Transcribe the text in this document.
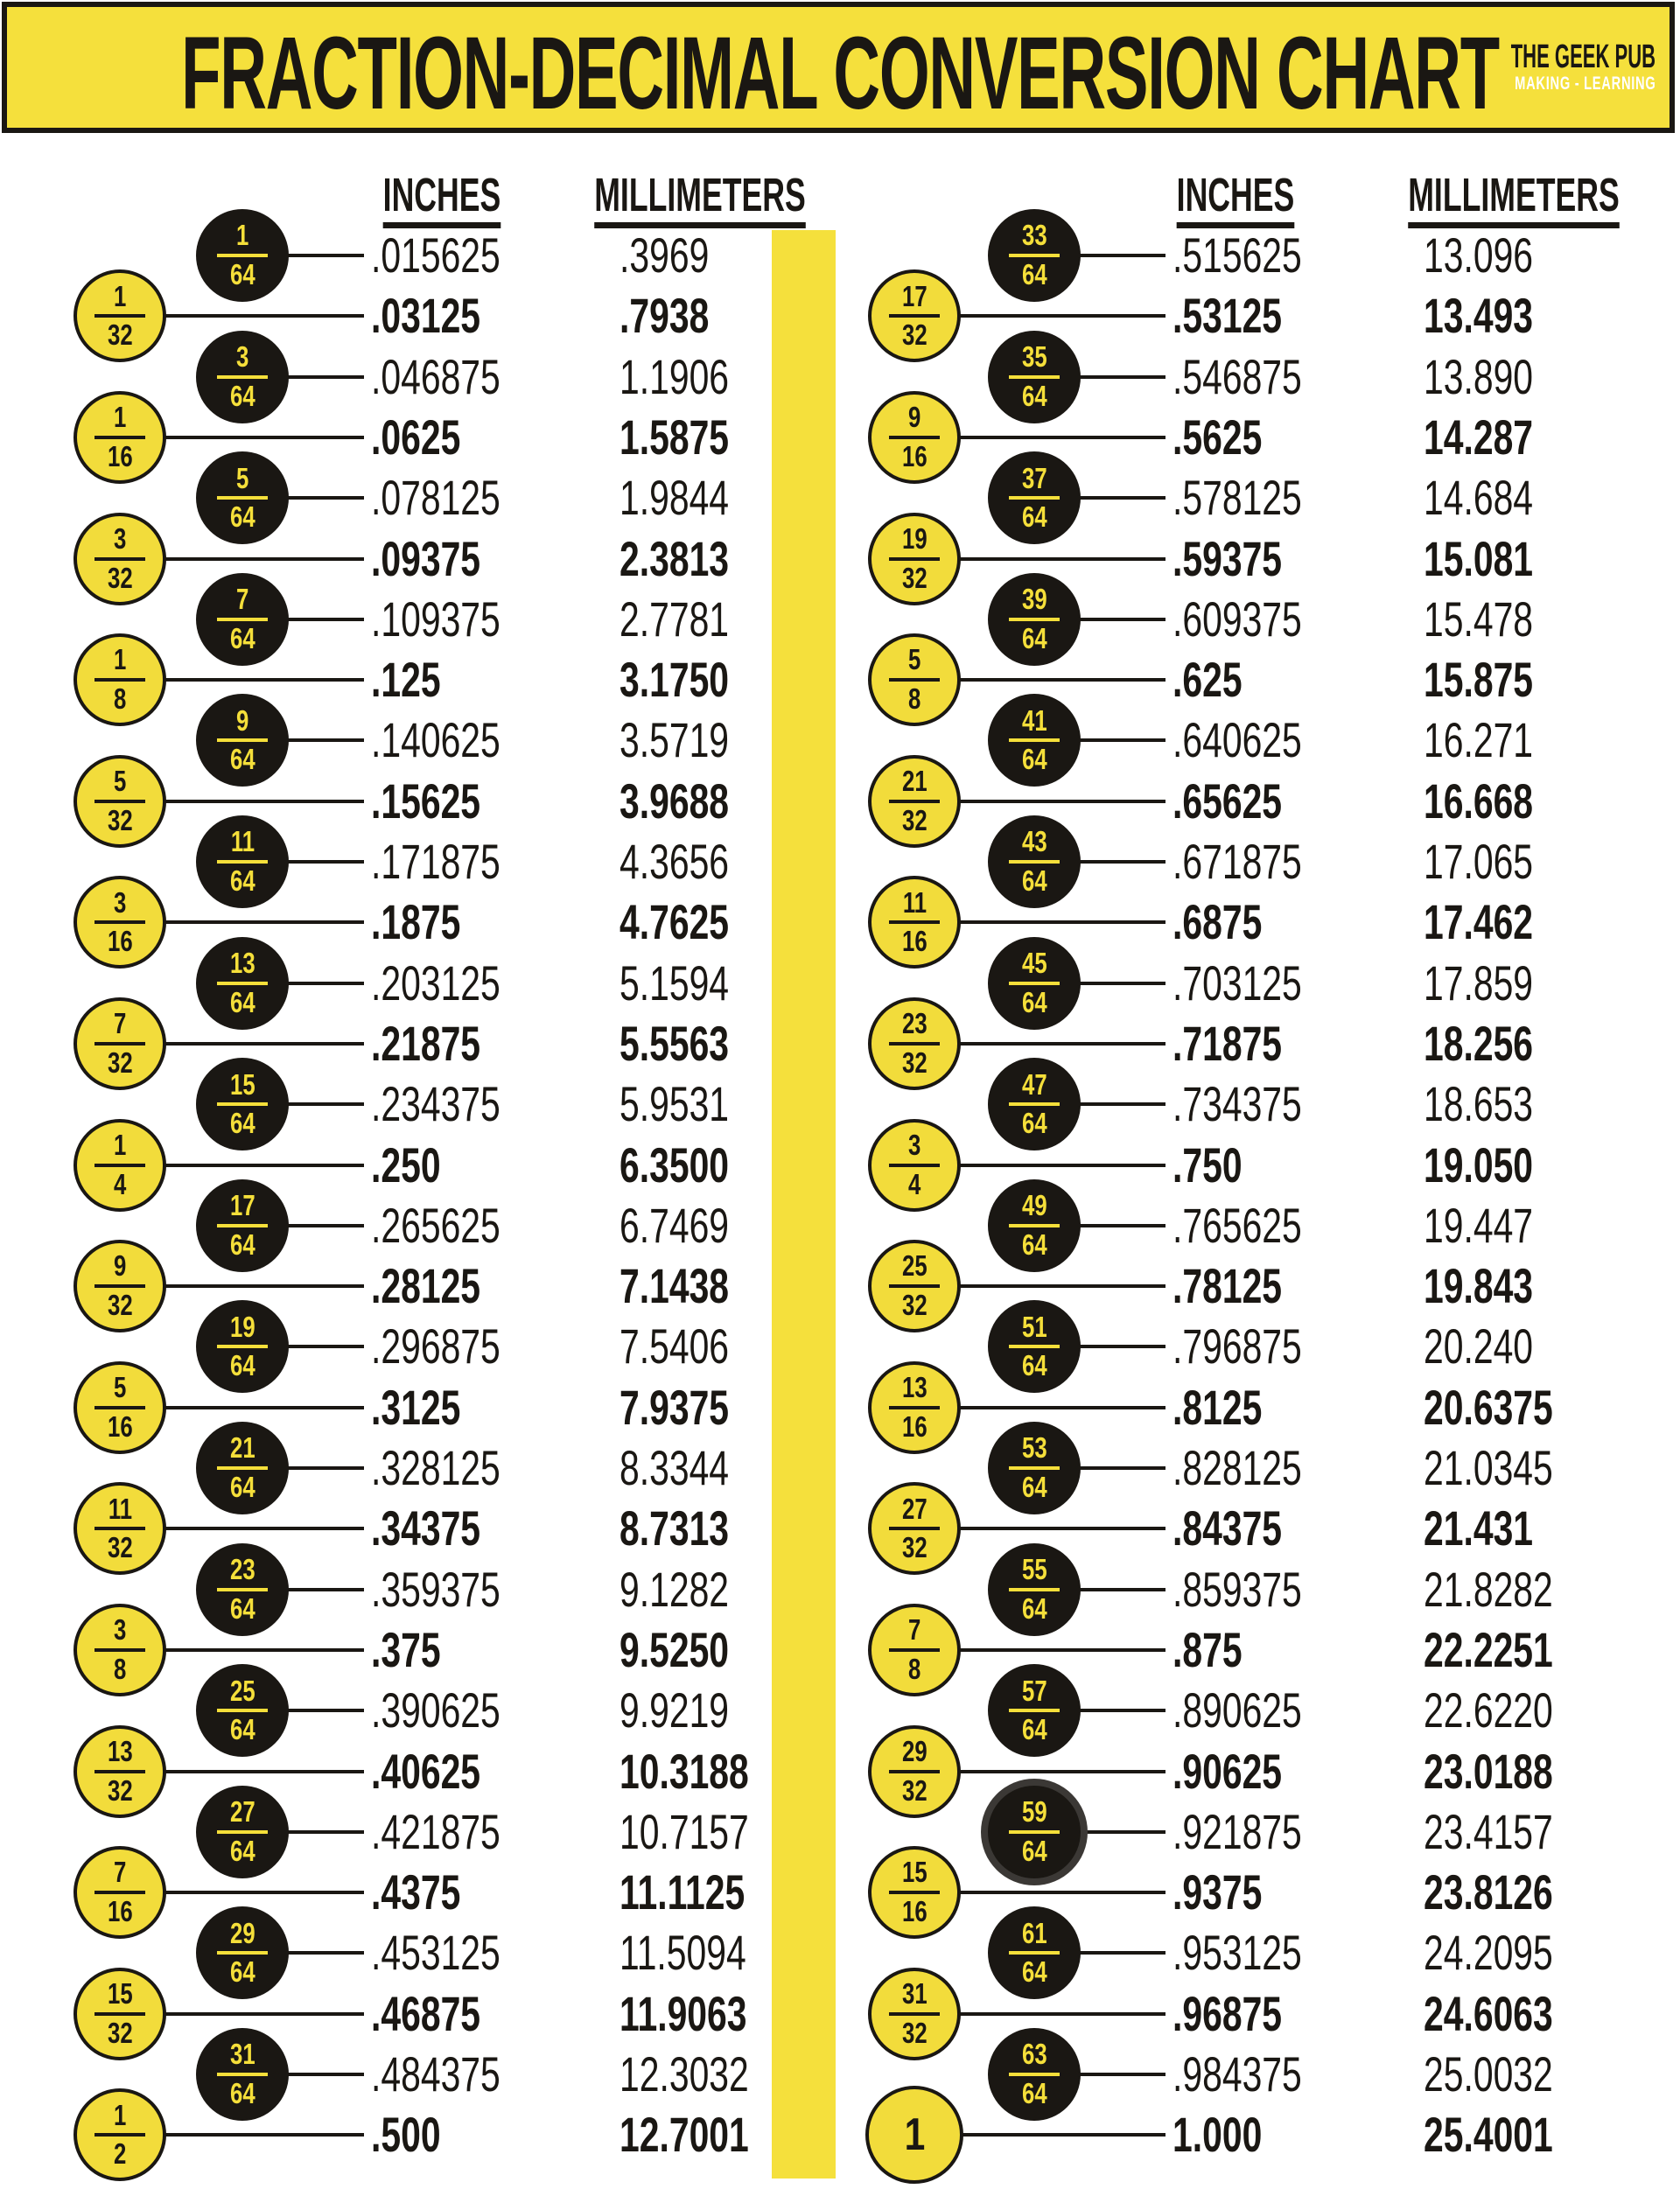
FRACTION-DECIMAL CONVERSION CHART THE GEEK PUB
MAKING - LEARNING
INCHES MILLIMETERS	INCHES MILLIMETERS
1
64 .015625 .3969
1
32	.03125	.7938
3
64 .046875 1.1906
1
16	.0625	1.5875
5
64 .078125 1.9844
3
32	.09375	2.3813
7
64 .109375 2.7781
1
8	.125	3.1750
9
64 .140625 3.5719
5
32	.15625	3.9688
11
64 .171875 4.3656
3
16	.1875	4.7625
13
64 .203125 5.1594
7
32	.21875	5.5563
15
64 .234375 5.9531
1
4	.250	6.3500
17
64 .265625 6.7469
9
32	.28125	7.1438
19
64 .296875 7.5406
5
16	.3125	7.9375
21
64 .328125 8.3344
11
32	.34375	8.7313
23
64 .359375 9.1282
3
8	.375	9.5250
25
64 .390625 9.9219
13
32	.40625	10.3188
27
64 .421875 10.7157
7
16	.4375	11.1125
29
64 .453125 11.5094
15
32	.46875	11.9063
31
64 .484375 12.3032
1
2	.500	12.7001
33
64	.515625 13.096
17
32	.53125	13.493
35
64	.546875 13.890
9
16	.5625	14.287
37
64	.578125 14.684
19
32	.59375	15.081
39
64	.609375 15.478
5
8	.625	15.875
41
64	.640625 16.271
21
32	.65625	16.668
43
64	.671875 17.065
11
16	.6875	17.462
45
64	.703125 17.859
23
32	.71875	18.256
47
64	.734375 18.653
3
4	.750	19.050
49
64	.765625 19.447
25
32	.78125	19.843
51
64	.796875 20.240
13
16	.8125	20.6375
53
64	.828125 21.0345
27
32	.84375	21.431
55
64	.859375 21.8282
7
8	.875	22.2251
57
64	.890625 22.6220
29
32	.90625	23.0188
59
64	.921875 23.4157
15
16	.9375	23.8126
61
64	.953125 24.2095
31
32	.96875	24.6063
63
64	.984375 25.0032
1	1.000	25.4001
